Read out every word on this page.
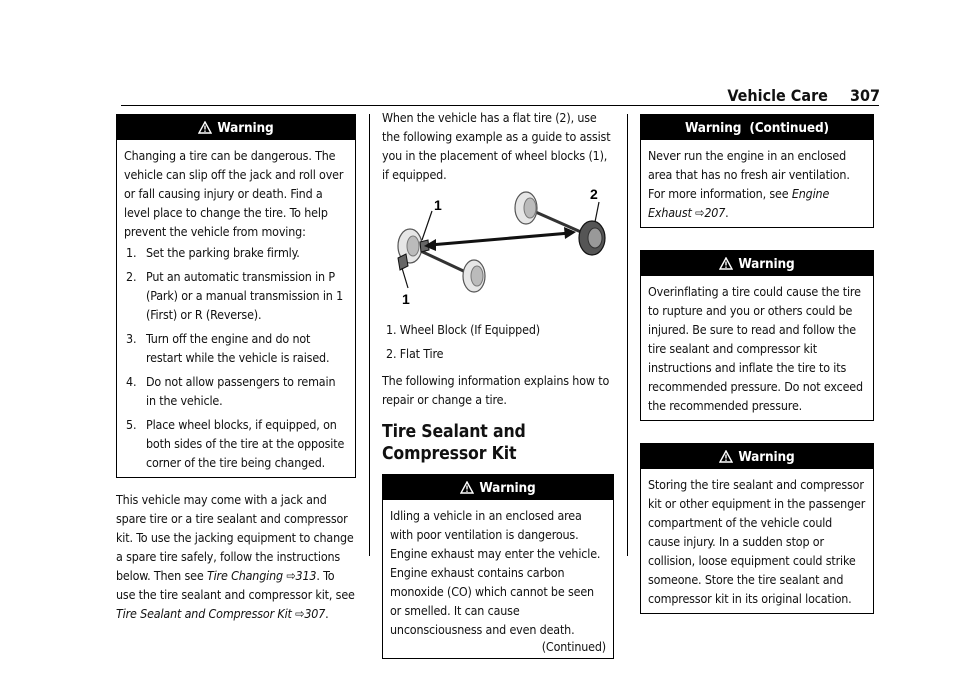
Vehicle Care 307
Warning

Changing a tire can be dangerous. The vehicle can slip off the jack and roll over or fall causing injury or death. Find a level place to change the tire. To help prevent the vehicle from moving:

1. Set the parking brake firmly.
2. Put an automatic transmission in P (Park) or a manual transmission in 1 (First) or R (Reverse).
3. Turn off the engine and do not restart while the vehicle is raised.
4. Do not allow passengers to remain in the vehicle.
5. Place wheel blocks, if equipped, on both sides of the tire at the opposite corner of the tire being changed.

This vehicle may come with a jack and spare tire or a tire sealant and compressor kit. To use the jacking equipment to change a spare tire safely, follow the instructions below. Then see Tire Changing ⇨313. To use the tire sealant and compressor kit, see Tire Sealant and Compressor Kit ⇨307.

When the vehicle has a flat tire (2), use the following example as a guide to assist you in the placement of wheel blocks (1), if equipped.

1
1
2
1. Wheel Block (If Equipped)
2. Flat Tire

The following information explains how to repair or change a tire.

Tire Sealant and Compressor Kit
Warning

Idling a vehicle in an enclosed area with poor ventilation is dangerous. Engine exhaust may enter the vehicle. Engine exhaust contains carbon monoxide (CO) which cannot be seen or smelled. It can cause unconsciousness and even death.

(Continued)
Warning  (Continued)

Never run the engine in an enclosed area that has no fresh air ventilation. For more information, see Engine Exhaust ⇨207.

Warning

Overinflating a tire could cause the tire to rupture and you or others could be injured. Be sure to read and follow the tire sealant and compressor kit instructions and inflate the tire to its recommended pressure. Do not exceed the recommended pressure.

Warning

Storing the tire sealant and compressor kit or other equipment in the passenger compartment of the vehicle could cause injury. In a sudden stop or collision, loose equipment could strike someone. Store the tire sealant and compressor kit in its original location.
